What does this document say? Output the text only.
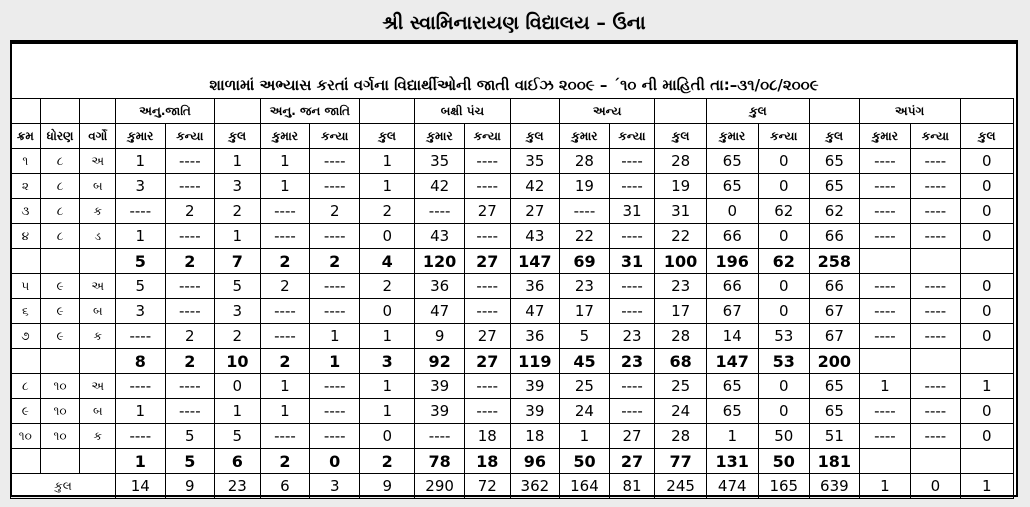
શ્રી સ્વામિનારાયણ વિદ્યાલય – ઉના
શાળામાં અભ્યાસ કરતાં વર્ગના વિદ્યાર્થીઓની જાતી વાઈઝ ૨૦૦૯ – ´૧૦ ની માહિતી તા:–૩૧/૦૮/૨૦૦૯
			અનુ.જાતિ			અનુ. જન જાતિ			બક્ષી પંચ			અન્ય			કુલ			અપંગ		
ક્રમ	ધોરણ	વર્ગો	કુમાર	કન્યા	કુલ	કુમાર	કન્યા	કુલ	કુમાર	કન્યા	કુલ	કુમાર	કન્યા	કુલ	કુમાર	કન્યા	કુલ	કુમાર	કન્યા	કુલ
૧	૮	અ	1	----	1	1	----	1	35	----	35	28	----	28	65	0	65	----	----	0
૨	૮	બ	3	----	3	1	----	1	42	----	42	19	----	19	65	0	65	----	----	0
૩	૮	ક	----	2	2	----	2	2	----	27	27	----	31	31	0	62	62	----	----	0
૪	૮	ડ	1	----	1	----	----	0	43	----	43	22	----	22	66	0	66	----	----	0
			5	2	7	2	2	4	120	27	147	69	31	100	196	62	258			
૫	૯	અ	5	----	5	2	----	2	36	----	36	23	----	23	66	0	66	----	----	0
૬	૯	બ	3	----	3	----	----	0	47	----	47	17	----	17	67	0	67	----	----	0
૭	૯	ક	----	2	2	----	1	1	9	27	36	5	23	28	14	53	67	----	----	0
			8	2	10	2	1	3	92	27	119	45	23	68	147	53	200			
૮	૧૦	અ	----	----	0	1	----	1	39	----	39	25	----	25	65	0	65	1	----	1
૯	૧૦	બ	1	----	1	1	----	1	39	----	39	24	----	24	65	0	65	----	----	0
૧૦	૧૦	ક	----	5	5	----	----	0	----	18	18	1	27	28	1	50	51	----	----	0
			1	5	6	2	0	2	78	18	96	50	27	77	131	50	181			
કુલ			14	9	23	6	3	9	290	72	362	164	81	245	474	165	639	1	0	1
